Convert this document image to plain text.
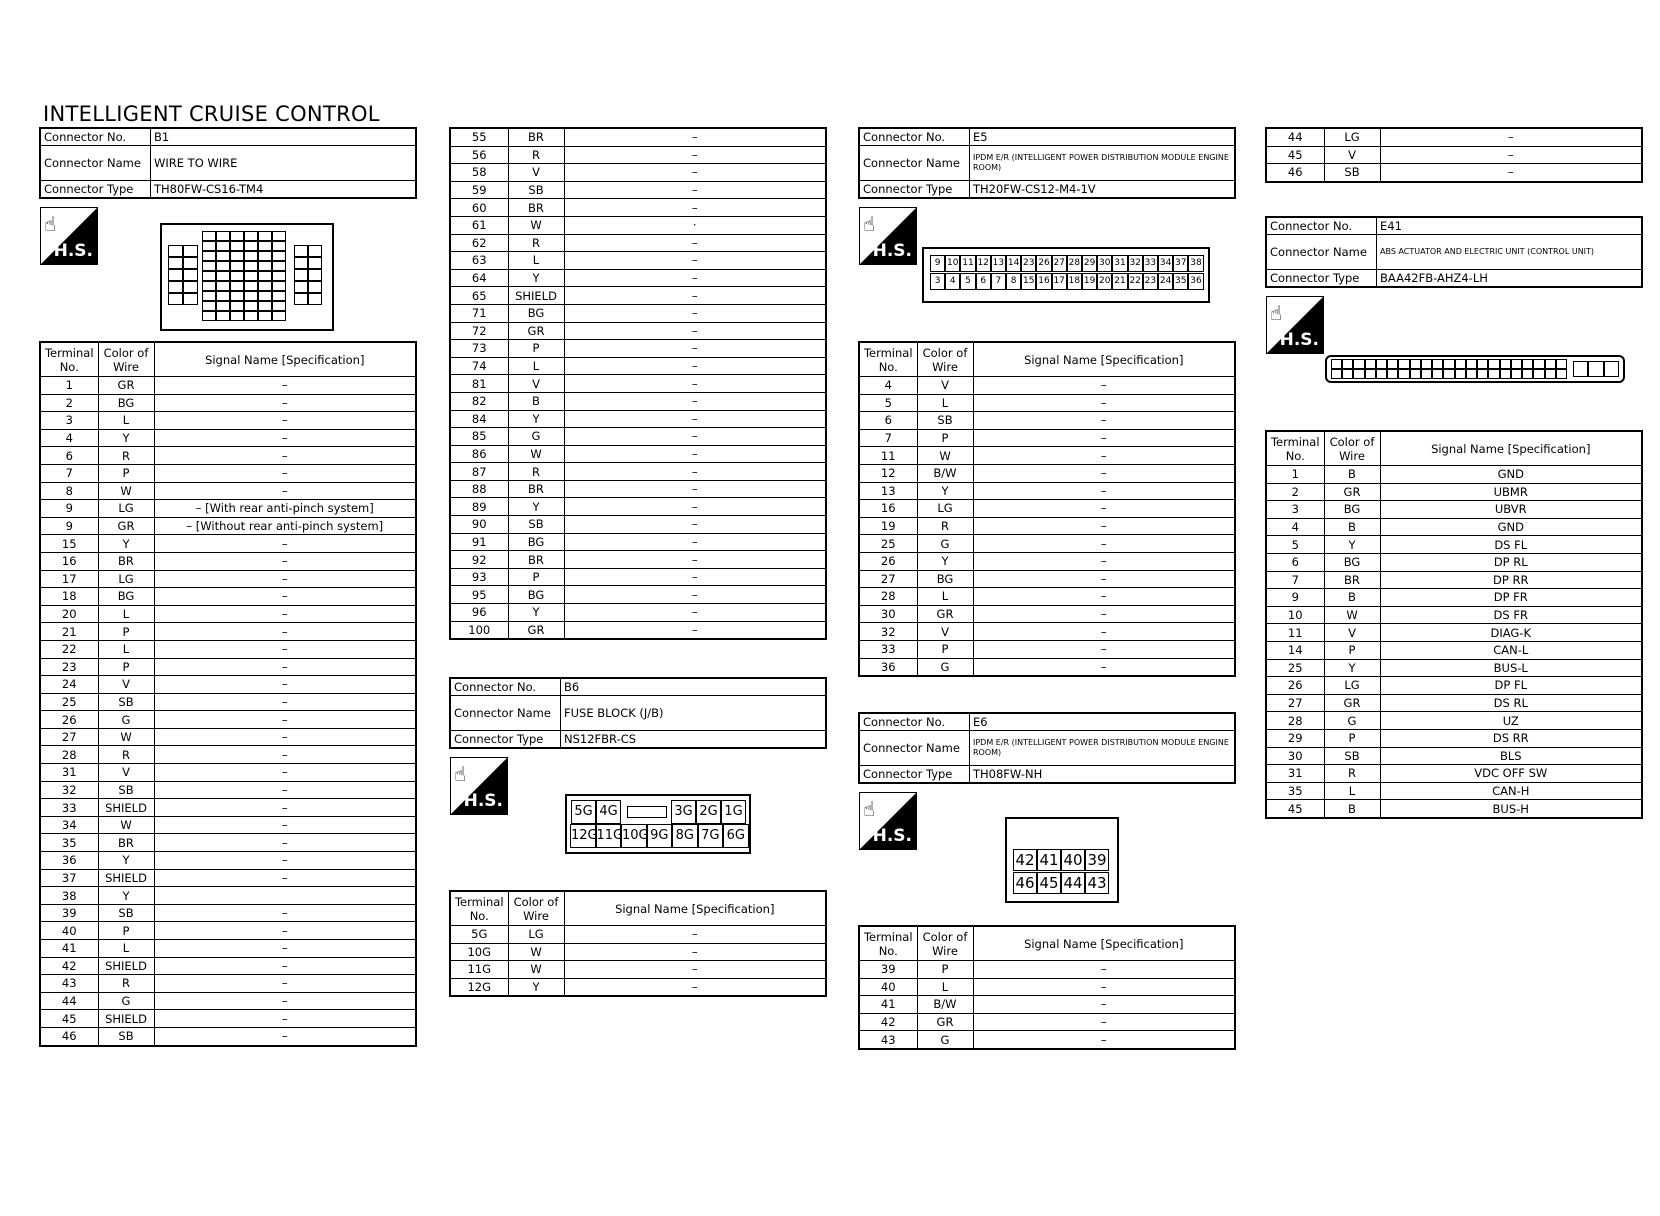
INTELLIGENT CRUISE CONTROL
Connector No.	B1
Connector Name	WIRE TO WIRE
Connector Type	TH80FW-CS16-TM4
☝
H.S.
Terminal No.	Color of Wire	Signal Name [Specification]
1	GR	–
2	BG	–
3	L	–
4	Y	–
6	R	–
7	P	–
8	W	–
9	LG	– [With rear anti-pinch system]
9	GR	– [Without rear anti-pinch system]
15	Y	–
16	BR	–
17	LG	–
18	BG	–
20	L	–
21	P	–
22	L	–
23	P	–
24	V	–
25	SB	–
26	G	–
27	W	–
28	R	–
31	V	–
32	SB	–
33	SHIELD	–
34	W	–
35	BR	–
36	Y	–
37	SHIELD	–
38	Y	
39	SB	–
40	P	–
41	L	–
42	SHIELD	–
43	R	–
44	G	–
45	SHIELD	–
46	SB	–
55	BR	–
56	R	–
58	V	–
59	SB	–
60	BR	–
61	W	·
62	R	–
63	L	–
64	Y	–
65	SHIELD	–
71	BG	–
72	GR	–
73	P	–
74	L	–
81	V	–
82	B	–
84	Y	–
85	G	–
86	W	–
87	R	–
88	BR	–
89	Y	–
90	SB	–
91	BG	–
92	BR	–
93	P	–
95	BG	–
96	Y	–
100	GR	–
Connector No.	B6
Connector Name	FUSE BLOCK (J/B)
Connector Type	NS12FBR-CS
☝
H.S.
5G 4G	3G 2G 1G
12G
11G
10G 9G 8G 7G 6G
Terminal No.	Color of Wire	Signal Name [Specification]
5G	LG	–
10G	W	–
11G	W	–
12G	Y	–
Connector No.	E5
Connector Name	IPDM E/R (INTELLIGENT POWER DISTRIBUTION MODULE ENGINE ROOM)
Connector Type	TH20FW-CS12-M4-1V
☝
H.S.
9 10 11 12 13 14 23 26 27 28 29 30 31 32 33 34 37 38
3	4	5	6	7	8 15 16 17 18 19 20 21 22 23 24 35 36
Terminal No.	Color of Wire	Signal Name [Specification]
4	V	–
5	L	–
6	SB	–
7	P	–
11	W	–
12	B/W	–
13	Y	–
16	LG	–
19	R	–
25	G	–
26	Y	–
27	BG	–
28	L	–
30	GR	–
32	V	–
33	P	–
36	G	–
Connector No.	E6
Connector Name	IPDM E/R (INTELLIGENT POWER DISTRIBUTION MODULE ENGINE ROOM)
Connector Type	TH08FW-NH
☝
H.S.
42 41 40 39
46 45 44 43
Terminal No.	Color of Wire	Signal Name [Specification]
39	P	–
40	L	–
41	B/W	–
42	GR	–
43	G	–
44	LG	–
45	V	–
46	SB	–
Connector No.	E41
Connector Name	ABS ACTUATOR AND ELECTRIC UNIT (CONTROL UNIT)
Connector Type	BAA42FB-AHZ4-LH
☝
H.S.
Terminal No.	Color of Wire	Signal Name [Specification]
1	B	GND
2	GR	UBMR
3	BG	UBVR
4	B	GND
5	Y	DS FL
6	BG	DP RL
7	BR	DP RR
9	B	DP FR
10	W	DS FR
11	V	DIAG-K
14	P	CAN-L
25	Y	BUS-L
26	LG	DP FL
27	GR	DS RL
28	G	UZ
29	P	DS RR
30	SB	BLS
31	R	VDC OFF SW
35	L	CAN-H
45	B	BUS-H
